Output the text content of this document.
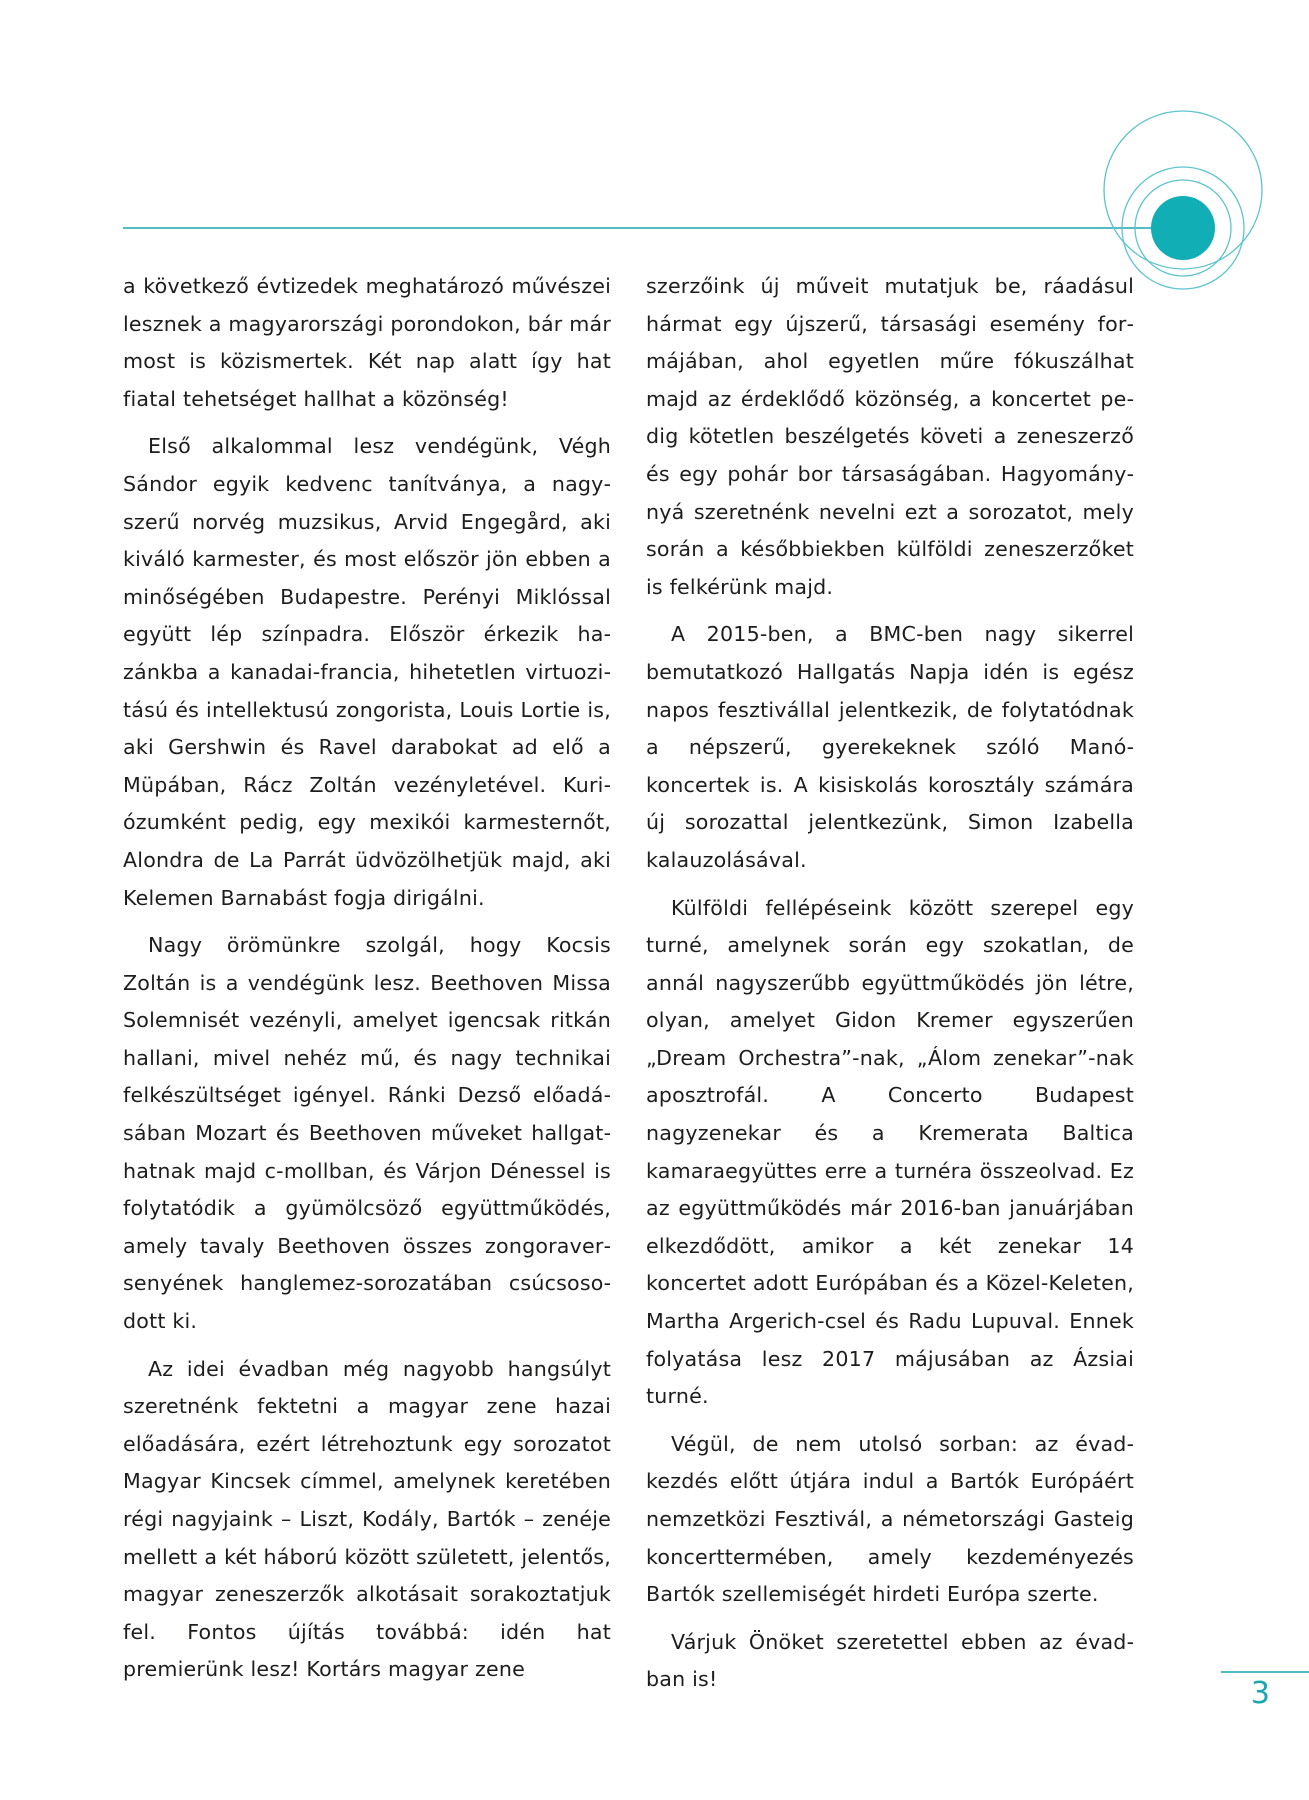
a következő évtizedek meghatározó művészei lesznek a magyarországi porondokon, bár már most is közismertek. Két nap alatt így hat fiatal tehetséget hallhat a közönség!

Első alkalommal lesz vendégünk, Végh Sándor egyik kedvenc tanítványa, a nagyszerű norvég muzsikus, Arvid Engegård, aki kiváló karmester, és most először jön ebben a minőségében Budapestre. Perényi Miklóssal együtt lép színpadra. Először érkezik hazánkba a kanadai-francia, hihetetlen virtuozitású és intellektusú zongorista, Louis Lortie is, aki Gershwin és Ravel darabokat ad elő a Müpában, Rácz Zoltán vezényletével. Kuriózumként pedig, egy mexikói karmesternőt, Alondra de La Parrát üdvözölhetjük majd, aki Kelemen Barnabást fogja dirigálni.

Nagy örömünkre szolgál, hogy Kocsis Zoltán is a vendégünk lesz. Beethoven Missa Solemnisét vezényli, amelyet igencsak ritkán hallani, mivel nehéz mű, és nagy technikai felkészültséget igényel. Ránki Dezső előadásában Mozart és Beethoven műveket hallgathatnak majd c-mollban, és Várjon Dénessel is folytatódik a gyümölcsöző együttműködés, amely tavaly Beethoven összes zongoraversenyének hanglemez-sorozatában csúcsosodott ki.

Az idei évadban még nagyobb hangsúlyt szeretnénk fektetni a magyar zene hazai előadására, ezért létrehoztunk egy sorozatot Magyar Kincsek címmel, amelynek keretében régi nagyjaink – Liszt, Kodály, Bartók – zenéje mellett a két háború között született, jelentős, magyar zeneszerzők alkotásait sorakoztatjuk fel. Fontos újítás továbbá: idén hat premierünk lesz! Kortárs magyar zene

szerzőink új műveit mutatjuk be, ráadásul hármat egy újszerű, társasági esemény formájában, ahol egyetlen műre fókuszálhat majd az érdeklődő közönség, a koncertet pedig kötetlen beszélgetés követi a zeneszerző és egy pohár bor társaságában. Hagyománynyá szeretnénk nevelni ezt a sorozatot, mely során a későbbiekben külföldi zeneszerzőket is felkérünk majd.

A 2015-ben, a BMC-ben nagy sikerrel bemutatkozó Hallgatás Napja idén is egész napos fesztivállal jelentkezik, de folytatódnak a népszerű, gyerekeknek szóló Manókoncertek is. A kisiskolás korosztály számára új sorozattal jelentkezünk, Simon Izabella kalauzolásával.

Külföldi fellépéseink között szerepel egy turné, amelynek során egy szokatlan, de annál nagyszerűbb együttműködés jön létre, olyan, amelyet Gidon Kremer egyszerűen „Dream Orchestra”-nak, „Álom zenekar”-nak aposztrofál. A Concerto Budapest nagyzenekar és a Kremerata Baltica kamaraegyüttes erre a turnéra összeolvad. Ez az együttműködés már 2016-ban januárjában elkezdődött, amikor a két zenekar 14 koncertet adott Európában és a Közel-Keleten, Martha Argerich-csel és Radu Lupuval. Ennek folyatása lesz 2017 májusában az Ázsiai turné.

Végül, de nem utolsó sorban: az évadkezdés előtt útjára indul a Bartók Európáért nemzetközi Fesztivál, a németországi Gasteig koncerttermében, amely kezdeményezés Bartók szellemiségét hirdeti Európa szerte.

Várjuk Önöket szeretettel ebben az évadban is!	3
